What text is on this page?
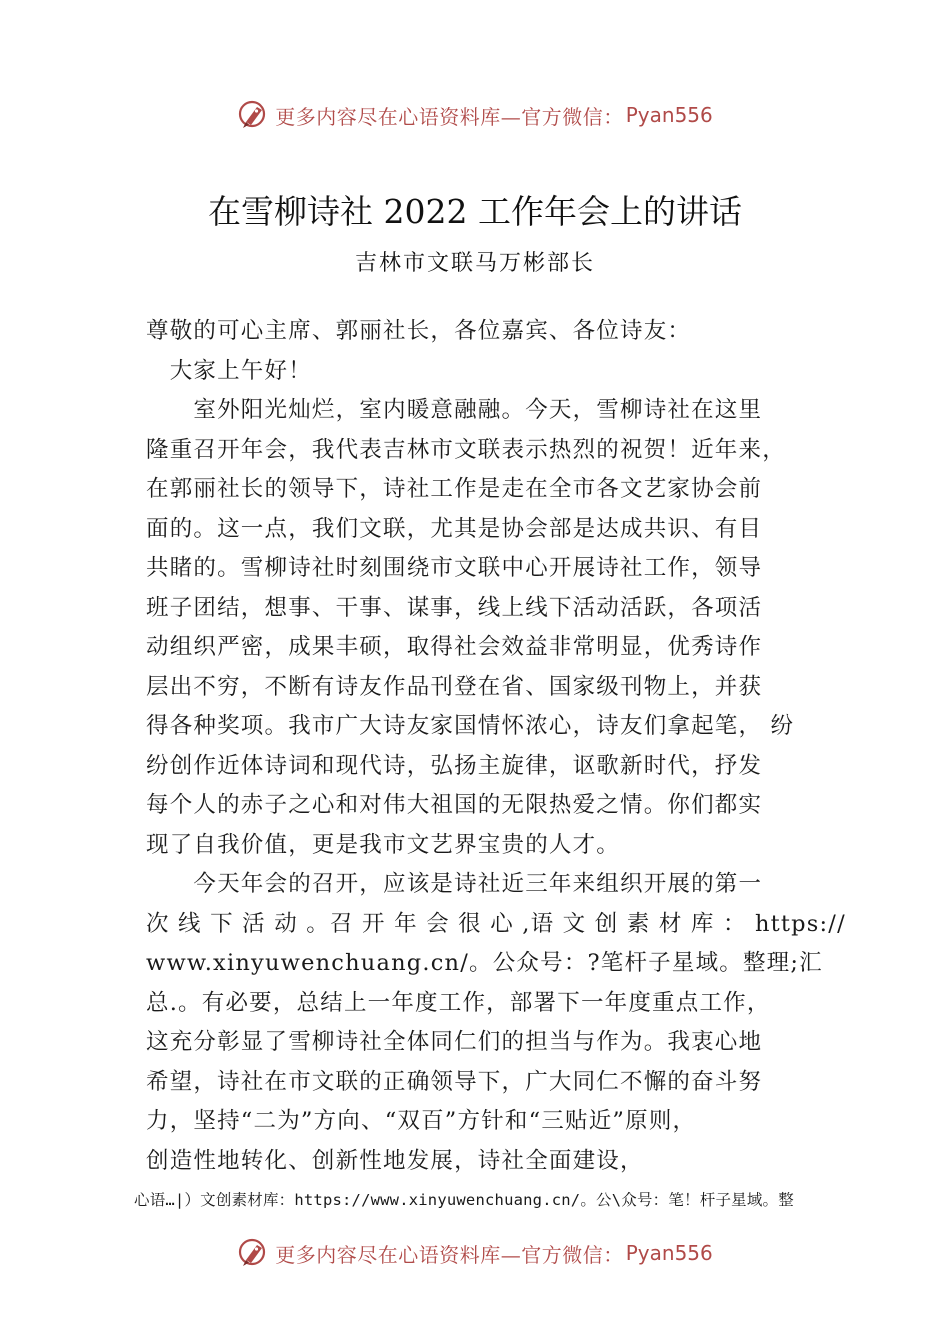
更多内容尽在心语资料库—官方微信： Pyan556
在雪柳诗社 2022 工作年会上的讲话
吉林市文联马万彬部长
尊敬的可心主席、郭丽社长，各位嘉宾、各位诗友：
　大家上午好！
　　室外阳光灿烂，室内暖意融融。今天，雪柳诗社在这里
隆重召开年会，我代表吉林市文联表示热烈的祝贺！近年来，
在郭丽社长的领导下，诗社工作是走在全市各文艺家协会前
面的。这一点，我们文联，尤其是协会部是达成共识、有目
共睹的。雪柳诗社时刻围绕市文联中心开展诗社工作，领导
班子团结，想事、干事、谋事，线上线下活动活跃，各项活
动组织严密，成果丰硕，取得社会效益非常明显，优秀诗作
层出不穷，不断有诗友作品刊登在省、国家级刊物上，并获
得各种奖项。我市广大诗友家国情怀浓心，诗友们拿起笔， 纷
纷创作近体诗词和现代诗，弘扬主旋律，讴歌新时代，抒发
每个人的赤子之心和对伟大祖国的无限热爱之情。你们都实
现了自我价值，更是我市文艺界宝贵的人才。
　　今天年会的召开，应该是诗社近三年来组织开展的第一
次 线 下 活 动 。召 开 年 会 很 心 ,语 文 创 素 材 库 ： https://
www.xinyuwenchuang.cn/。公众号：?笔杆子星域。整理;汇
总.。有必要，总结上一年度工作，部署下一年度重点工作，
这充分彰显了雪柳诗社全体同仁们的担当与作为。我衷心地
希望，诗社在市文联的正确领导下，广大同仁不懈的奋斗努
力，坚持“二为”方向、“双百”方针和“三贴近”原则，
创造性地转化、创新性地发展，诗社全面建设，
心语…|）文创素材库：https://www.xinyuwenchuang.cn/。公\众号：笔！杆子星域。整
更多内容尽在心语资料库—官方微信： Pyan556
